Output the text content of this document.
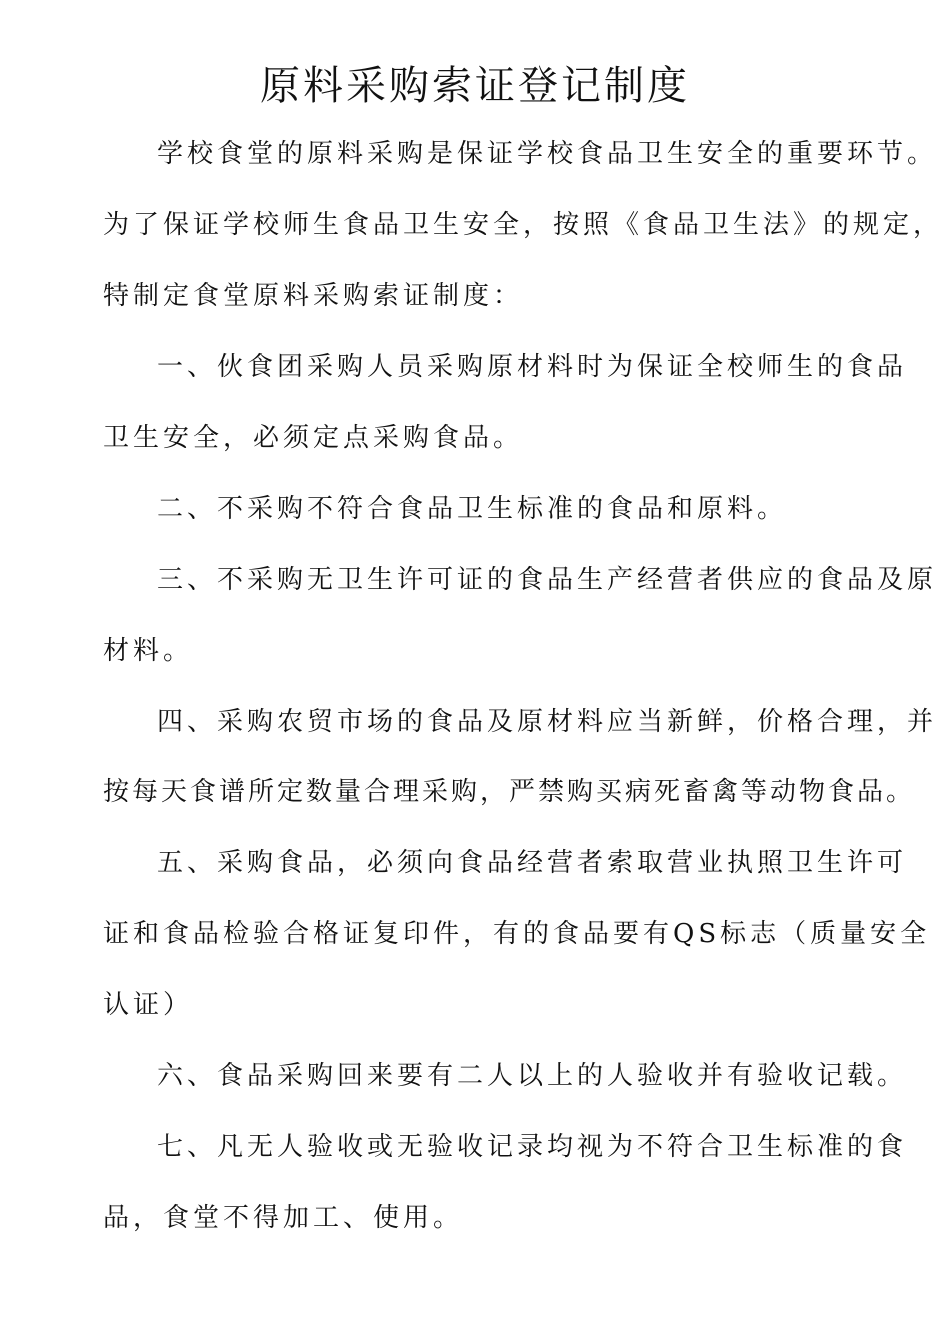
原料采购索证登记制度
学校食堂的原料采购是保证学校食品卫生安全的重要环节。
为了保证学校师生食品卫生安全，按照《食品卫生法》的规定，
特制定食堂原料采购索证制度：
一、伙食团采购人员采购原材料时为保证全校师生的食品
卫生安全，必须定点采购食品。
二、不采购不符合食品卫生标准的食品和原料。
三、不采购无卫生许可证的食品生产经营者供应的食品及原
材料。
四、采购农贸市场的食品及原材料应当新鲜，价格合理，并
按每天食谱所定数量合理采购，严禁购买病死畜禽等动物食品。
五、采购食品，必须向食品经营者索取营业执照卫生许可
证和食品检验合格证复印件，有的食品要有QS标志（质量安全
认证）
六、食品采购回来要有二人以上的人验收并有验收记载。
七、凡无人验收或无验收记录均视为不符合卫生标准的食
品，食堂不得加工、使用。
